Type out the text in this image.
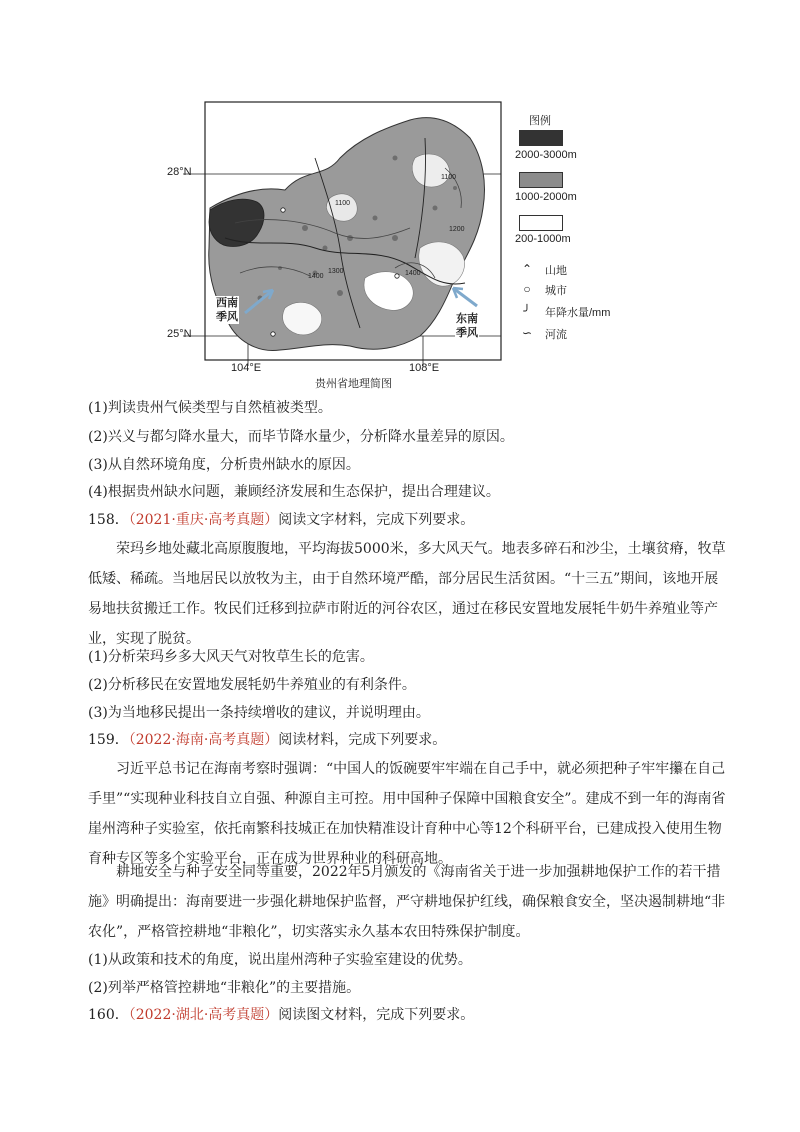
28°N
25°N
104°E	108°E
贵州省地理简图
1100
1100
1300
1400	1400
1200
西南
季风	东南
季风
图例
2000-3000m
1000-2000m
200-1000m
⌃ 山地
○	城市
╯	年降水量/mm
∽ 河流
(1)判读贵州气候类型与自然植被类型。
(2)兴义与都匀降水量大，而毕节降水量少，分析降水量差异的原因。
(3)从自然环境角度，分析贵州缺水的原因。
(4)根据贵州缺水问题，兼顾经济发展和生态保护，提出合理建议。
158．（2021·重庆·高考真题）阅读文字材料，完成下列要求。
荣玛乡地处藏北高原腹腹地，平均海拔5000米，多大风天气。地表多碎石和沙尘，土壤贫瘠，牧草低矮、稀疏。当地居民以放牧为主，由于自然环境严酷，部分居民生活贫困。“十三五”期间，该地开展易地扶贫搬迁工作。牧民们迁移到拉萨市附近的河谷农区，通过在移民安置地发展牦牛奶牛养殖业等产业，实现了脱贫。
(1)分析荣玛乡多大风天气对牧草生长的危害。
(2)分析移民在安置地发展牦奶牛养殖业的有利条件。
(3)为当地移民提出一条持续增收的建议，并说明理由。
159．（2022·海南·高考真题）阅读材料，完成下列要求。
习近平总书记在海南考察时强调：“中国人的饭碗要牢牢端在自己手中，就必须把种子牢牢攥在自己手里”“实现种业科技自立自强、种源自主可控。用中国种子保障中国粮食安全”。建成不到一年的海南省崖州湾种子实验室，依托南繁科技城正在加快精准设计育种中心等12个科研平台，已建成投入使用生物育种专区等多个实验平台，正在成为世界种业的科研高地。
耕地安全与种子安全同等重要，2022年5月颁发的《海南省关于进一步加强耕地保护工作的若干措施》明确提出：海南要进一步强化耕地保护监督，严守耕地保护红线，确保粮食安全，坚决遏制耕地“非农化”，严格管控耕地“非粮化”，切实落实永久基本农田特殊保护制度。
(1)从政策和技术的角度，说出崖州湾种子实验室建设的优势。
(2)列举严格管控耕地“非粮化”的主要措施。
160．（2022·湖北·高考真题）阅读图文材料，完成下列要求。
